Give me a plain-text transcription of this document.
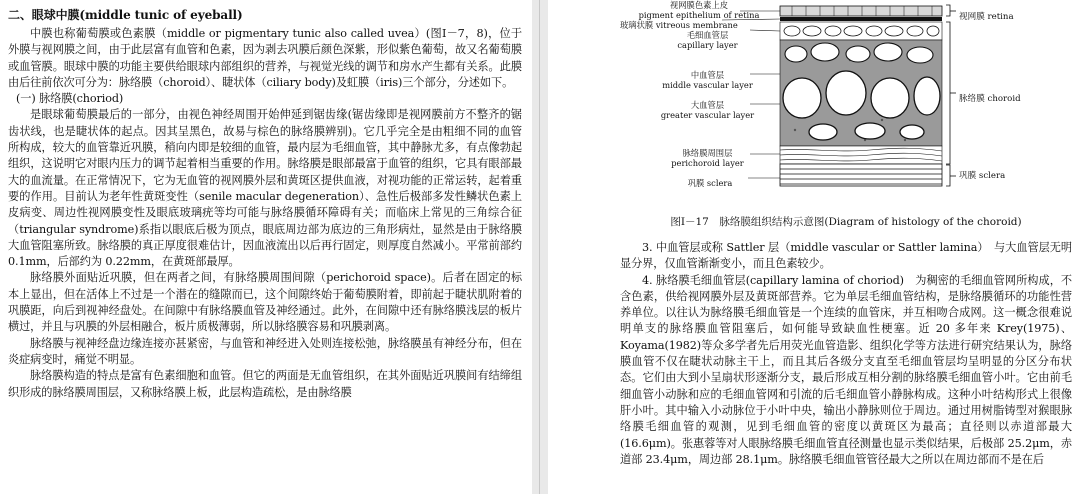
二、眼球中膜(middle tunic of eyeball)

中膜也称葡萄膜或色素膜（middle or pigmentary tunic also called uvea）(图Ⅰ－7，8)，位于外膜与视网膜之间，由于此层富有血管和色素，因为剥去巩膜后颜色深紫，形似紫色葡萄，故又名葡萄膜或血管膜。眼球中膜的功能主要供给眼球内部组织的营养，与视觉光线的调节和房水产生都有关系。此膜由后往前依次可分为：脉络膜（choroid）、睫状体（ciliary body)及虹膜（iris)三个部分，分述如下。

(一) 脉络膜(choriod)

是眼球葡萄膜最后的一部分，由视色神经周围开始伸延到锯齿缘(锯齿缘即是视网膜前方不整齐的锯齿状线，也是睫状体的起点。因其呈黑色，故易与棕色的脉络膜辨别)。它几乎完全是由粗细不同的血管所构成，较大的血管靠近巩膜，稍向内即是较细的血管，最内层为毛细血管，其中静脉尤多，有点像勃起组织，这说明它对眼内压力的调节起着相当重要的作用。脉络膜是眼部最富于血管的组织，它具有眼部最大的血流量。在正常情况下，它为无血管的视网膜外层和黄斑区提供血液，对视功能的正常运转，起着重要的作用。目前认为老年性黄斑变性（senile macular degeneration）、急性后极部多发性鳞状色素上皮病变、周边性视网膜变性及眼底玻璃疣等均可能与脉络膜循环障碍有关；而临床上常见的三角综合征（triangular syndrome)系指以眼底后极为顶点，眼底周边部为底边的三角形病灶，显然是由于脉络膜大血管阻塞所致。脉络膜的真正厚度很难估计，因血液流出以后再行固定，则厚度自然减小。平常前部约 0.1mm，后部约为 0.22mm，在黄斑部最厚。

脉络膜外面贴近巩膜，但在两者之间，有脉络膜周围间隙（perichoroid space)。后者在固定的标本上显出，但在活体上不过是一个潜在的缝隙而已，这个间隙终始于葡萄膜附着，即前起于睫状肌附着的巩膜距，向后到视神经盘处。在间隙中有脉络膜血管及神经通过。此外，在间隙中还有脉络膜浅层的板片横过，并且与巩膜的外层相融合，板片质极薄弱，所以脉络膜容易和巩膜剥离。

脉络膜与视神经盘边缘连接亦甚紧密，与血管和神经进入处则连接松弛，脉络膜虽有神经分布，但在炎症病变时，痛觉不明显。

脉络膜构造的特点是富有色素细胞和血管。但它的两面是无血管组织，在其外面贴近巩膜间有结缔组织形成的脉络膜周围层，又称脉络膜上板，此层构造疏松，是由脉络膜

视网膜色素上皮
pigment epithelium of retina
玻璃状膜 vitreous membrane
毛细血管层
capillary layer
中血管层
middle vascular layer
大血管层
greater vascular layer
脉络膜周围层
perichoroid layer
巩膜 sclera
视网膜 retina
脉络膜 choroid
巩膜 sclera
图Ⅰ－17　脉络膜组织结构示意图(Diagram of histology of the choroid)

3. 中血管层或称 Sattler 层（middle vascular or Sattler lamina）　与大血管层无明显分界，仅血管渐渐变小，而且色素较少。

4. 脉络膜毛细血管层(capillary lamina of choriod)　为稠密的毛细血管网所构成，不含色素，供给视网膜外层及黄斑部营养。它为单层毛细血管结构，是脉络膜循环的功能性营养单位。以往认为脉络膜毛细血管是一个连续的血管床，并互相吻合成网。这一概念很难说明单支的脉络膜血管阻塞后，如何能导致缺血性梗塞。近 20 多年来 Krey(1975)、Koyama(1982)等众多学者先后用荧光血管造影、组织化学等方法进行研究结果认为，脉络膜血管不仅在睫状动脉主干上，而且其后各级分支直至毛细血管层均呈明显的分区分布状态。它们由大到小呈扇状形逐渐分支，最后形成互相分割的脉络膜毛细血管小叶。它由前毛细血管小动脉和应的毛细血管网和引流的后毛细血管小静脉构成。这种小叶结构形式上很像肝小叶。其中输入小动脉位于小叶中央，输出小静脉则位于周边。通过用树脂铸型对猴眼脉络膜毛细血管的观测，见到毛细血管的密度以黄斑区为最高；直径则以赤道部最大(16.6μm)。张惠蓉等对人眼脉络膜毛细血管直径测量也显示类似结果，后极部 25.2μm，赤道部 23.4μm，周边部 28.1μm。脉络膜毛细血管管径最大之所以在周边部而不是在后
